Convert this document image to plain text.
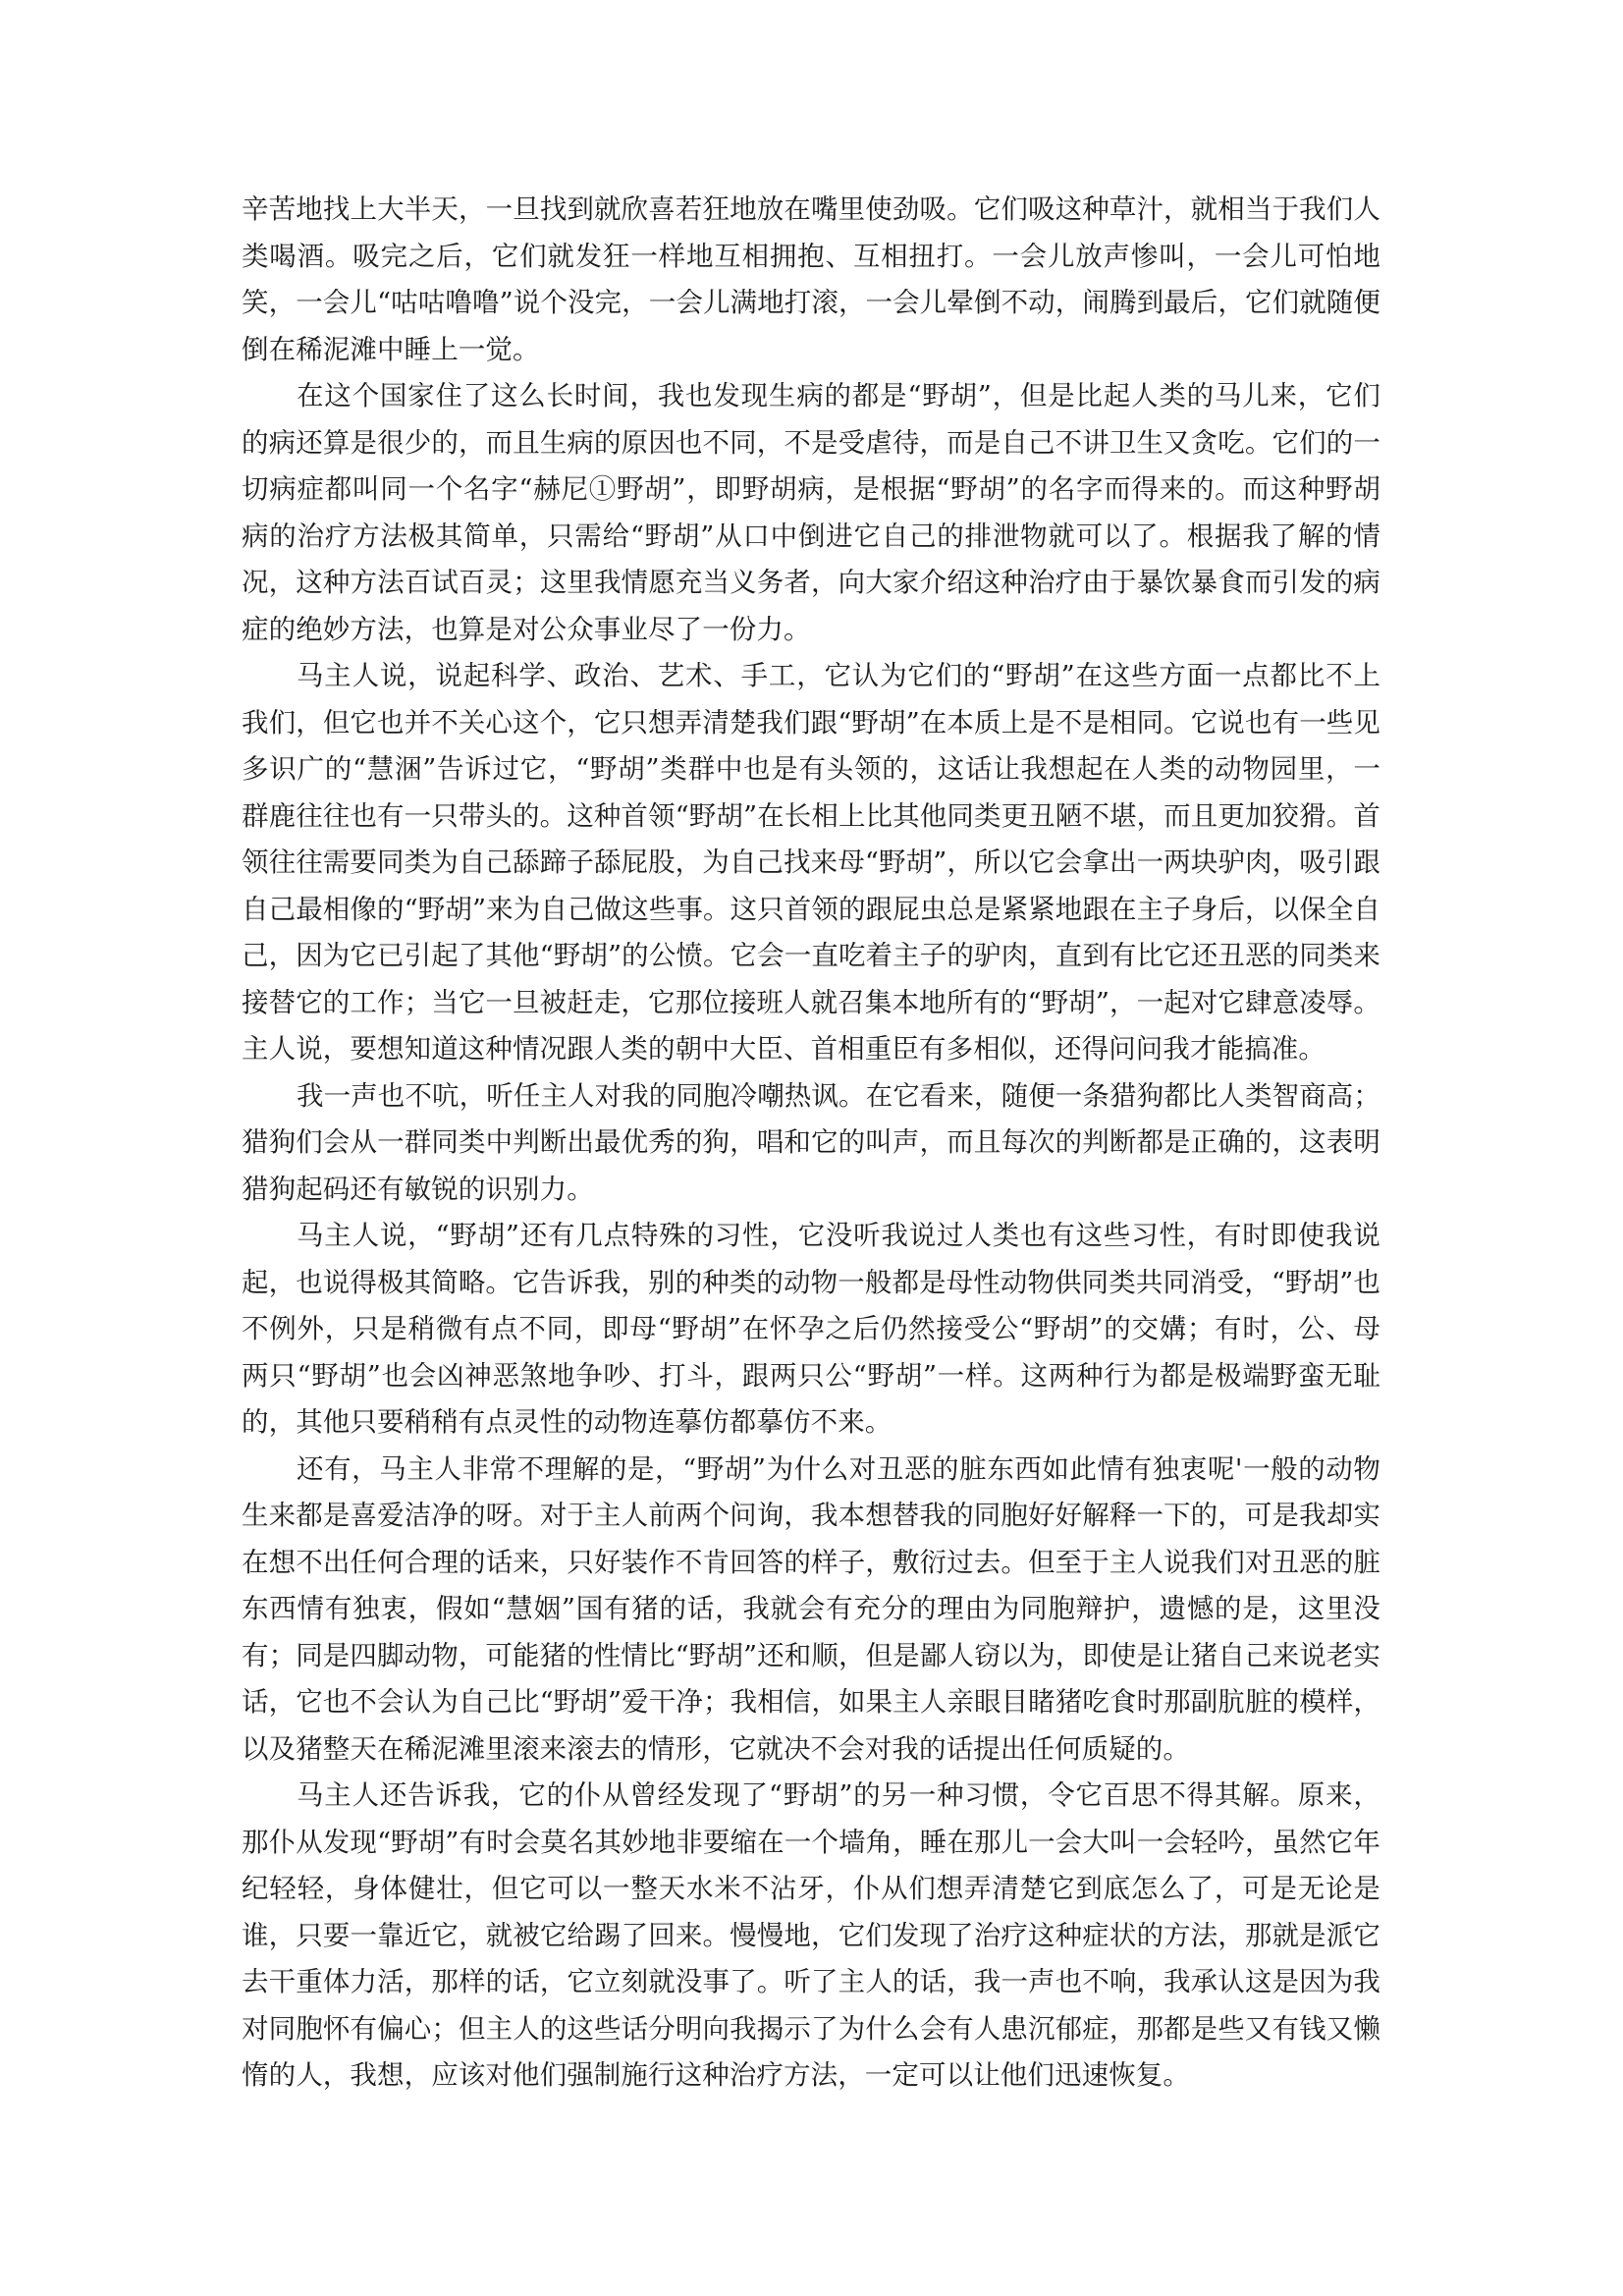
辛苦地找上大半天，一旦找到就欣喜若狂地放在嘴里使劲吸。它们吸这种草汁，就相当于我们人类喝酒。吸完之后，它们就发狂一样地互相拥抱、互相扭打。一会儿放声惨叫，一会儿可怕地笑，一会儿“咕咕噜噜”说个没完，一会儿满地打滚，一会儿晕倒不动，闹腾到最后，它们就随便倒在稀泥滩中睡上一觉。

在这个国家住了这么长时间，我也发现生病的都是“野胡”，但是比起人类的马儿来，它们的病还算是很少的，而且生病的原因也不同，不是受虐待，而是自己不讲卫生又贪吃。它们的一切病症都叫同一个名字“赫尼①野胡”，即野胡病，是根据“野胡”的名字而得来的。而这种野胡病的治疗方法极其简单，只需给“野胡”从口中倒进它自己的排泄物就可以了。根据我了解的情况，这种方法百试百灵；这里我情愿充当义务者，向大家介绍这种治疗由于暴饮暴食而引发的病症的绝妙方法，也算是对公众事业尽了一份力。

马主人说，说起科学、政治、艺术、手工，它认为它们的“野胡”在这些方面一点都比不上我们，但它也并不关心这个，它只想弄清楚我们跟“野胡”在本质上是不是相同。它说也有一些见多识广的“慧涃”告诉过它，“野胡”类群中也是有头领的，这话让我想起在人类的动物园里，一群鹿往往也有一只带头的。这种首领“野胡”在长相上比其他同类更丑陋不堪，而且更加狡猾。首领往往需要同类为自己舔蹄子舔屁股，为自己找来母“野胡”，所以它会拿出一两块驴肉，吸引跟自己最相像的“野胡”来为自己做这些事。这只首领的跟屁虫总是紧紧地跟在主子身后，以保全自己，因为它已引起了其他“野胡”的公愤。它会一直吃着主子的驴肉，直到有比它还丑恶的同类来接替它的工作；当它一旦被赶走，它那位接班人就召集本地所有的“野胡”，一起对它肆意凌辱。主人说，要想知道这种情况跟人类的朝中大臣、首相重臣有多相似，还得问问我才能搞准。

我一声也不吭，听任主人对我的同胞冷嘲热讽。在它看来，随便一条猎狗都比人类智商高；猎狗们会从一群同类中判断出最优秀的狗，唱和它的叫声，而且每次的判断都是正确的，这表明猎狗起码还有敏锐的识别力。

马主人说，“野胡”还有几点特殊的习性，它没听我说过人类也有这些习性，有时即使我说起，也说得极其简略。它告诉我，别的种类的动物一般都是母性动物供同类共同消受，“野胡”也不例外，只是稍微有点不同，即母“野胡”在怀孕之后仍然接受公“野胡”的交媾；有时，公、母两只“野胡”也会凶神恶煞地争吵、打斗，跟两只公“野胡”一样。这两种行为都是极端野蛮无耻的，其他只要稍稍有点灵性的动物连摹仿都摹仿不来。

还有，马主人非常不理解的是，“野胡”为什么对丑恶的脏东西如此情有独衷呢'一般的动物生来都是喜爱洁净的呀。对于主人前两个问询，我本想替我的同胞好好解释一下的，可是我却实在想不出任何合理的话来，只好装作不肯回答的样子，敷衍过去。但至于主人说我们对丑恶的脏东西情有独衷，假如“慧姻”国有猪的话，我就会有充分的理由为同胞辩护，遗憾的是，这里没有；同是四脚动物，可能猪的性情比“野胡”还和顺，但是鄙人窃以为，即使是让猪自己来说老实话，它也不会认为自己比“野胡”爱干净；我相信，如果主人亲眼目睹猪吃食时那副肮脏的模样，以及猪整天在稀泥滩里滚来滚去的情形，它就决不会对我的话提出任何质疑的。

马主人还告诉我，它的仆从曾经发现了“野胡”的另一种习惯，令它百思不得其解。原来，那仆从发现“野胡”有时会莫名其妙地非要缩在一个墙角，睡在那儿一会大叫一会轻吟，虽然它年纪轻轻，身体健壮，但它可以一整天水米不沾牙，仆从们想弄清楚它到底怎么了，可是无论是谁，只要一靠近它，就被它给踢了回来。慢慢地，它们发现了治疗这种症状的方法，那就是派它去干重体力活，那样的话，它立刻就没事了。听了主人的话，我一声也不响，我承认这是因为我对同胞怀有偏心；但主人的这些话分明向我揭示了为什么会有人患沉郁症，那都是些又有钱又懒惰的人，我想，应该对他们强制施行这种治疗方法，一定可以让他们迅速恢复。
